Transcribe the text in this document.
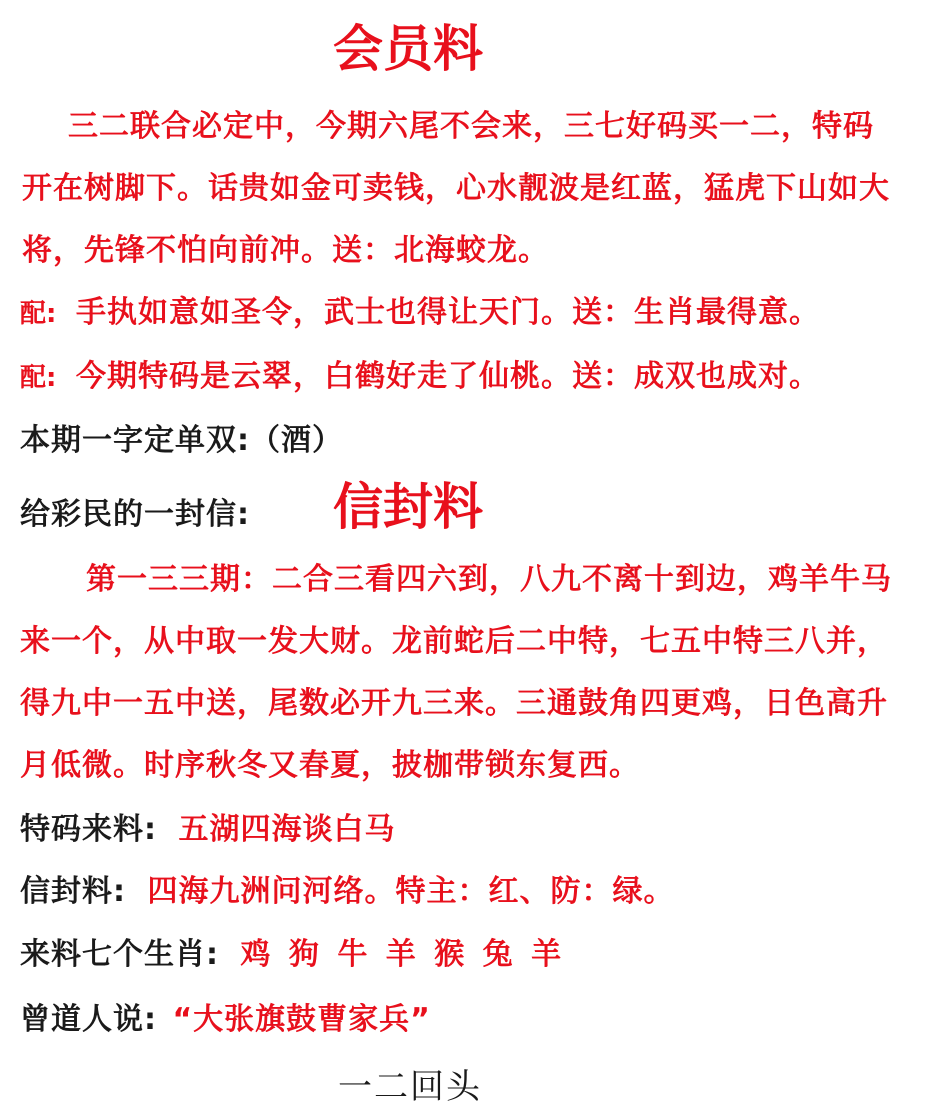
会员料
三二联合必定中，今期六尾不会来，三七好码买一二，特码
开在树脚下。话贵如金可卖钱，心水靓波是红蓝，猛虎下山如大
将，先锋不怕向前冲。送：北海蛟龙。
配: 手执如意如圣令，武士也得让天门。送：生肖最得意。
配: 今期特码是云翠，白鹤好走了仙桃。送：成双也成对。
本期一字定单双:（酒）
给彩民的一封信: 信封料
第一三三期：二合三看四六到，八九不离十到边，鸡羊牛马
来一个，从中取一发大财。龙前蛇后二中特，七五中特三八并，
得九中一五中送，尾数必开九三来。三通鼓角四更鸡，日色高升
月低微。时序秋冬又春夏，披枷带锁东复西。
特码来料: 五湖四海谈白马
信封料: 四海九洲问河络。特主：红、防：绿。
来料七个生肖: 鸡 狗 牛 羊 猴 兔 羊
曾道人说: “大张旗鼓曹家兵”
一二回头
